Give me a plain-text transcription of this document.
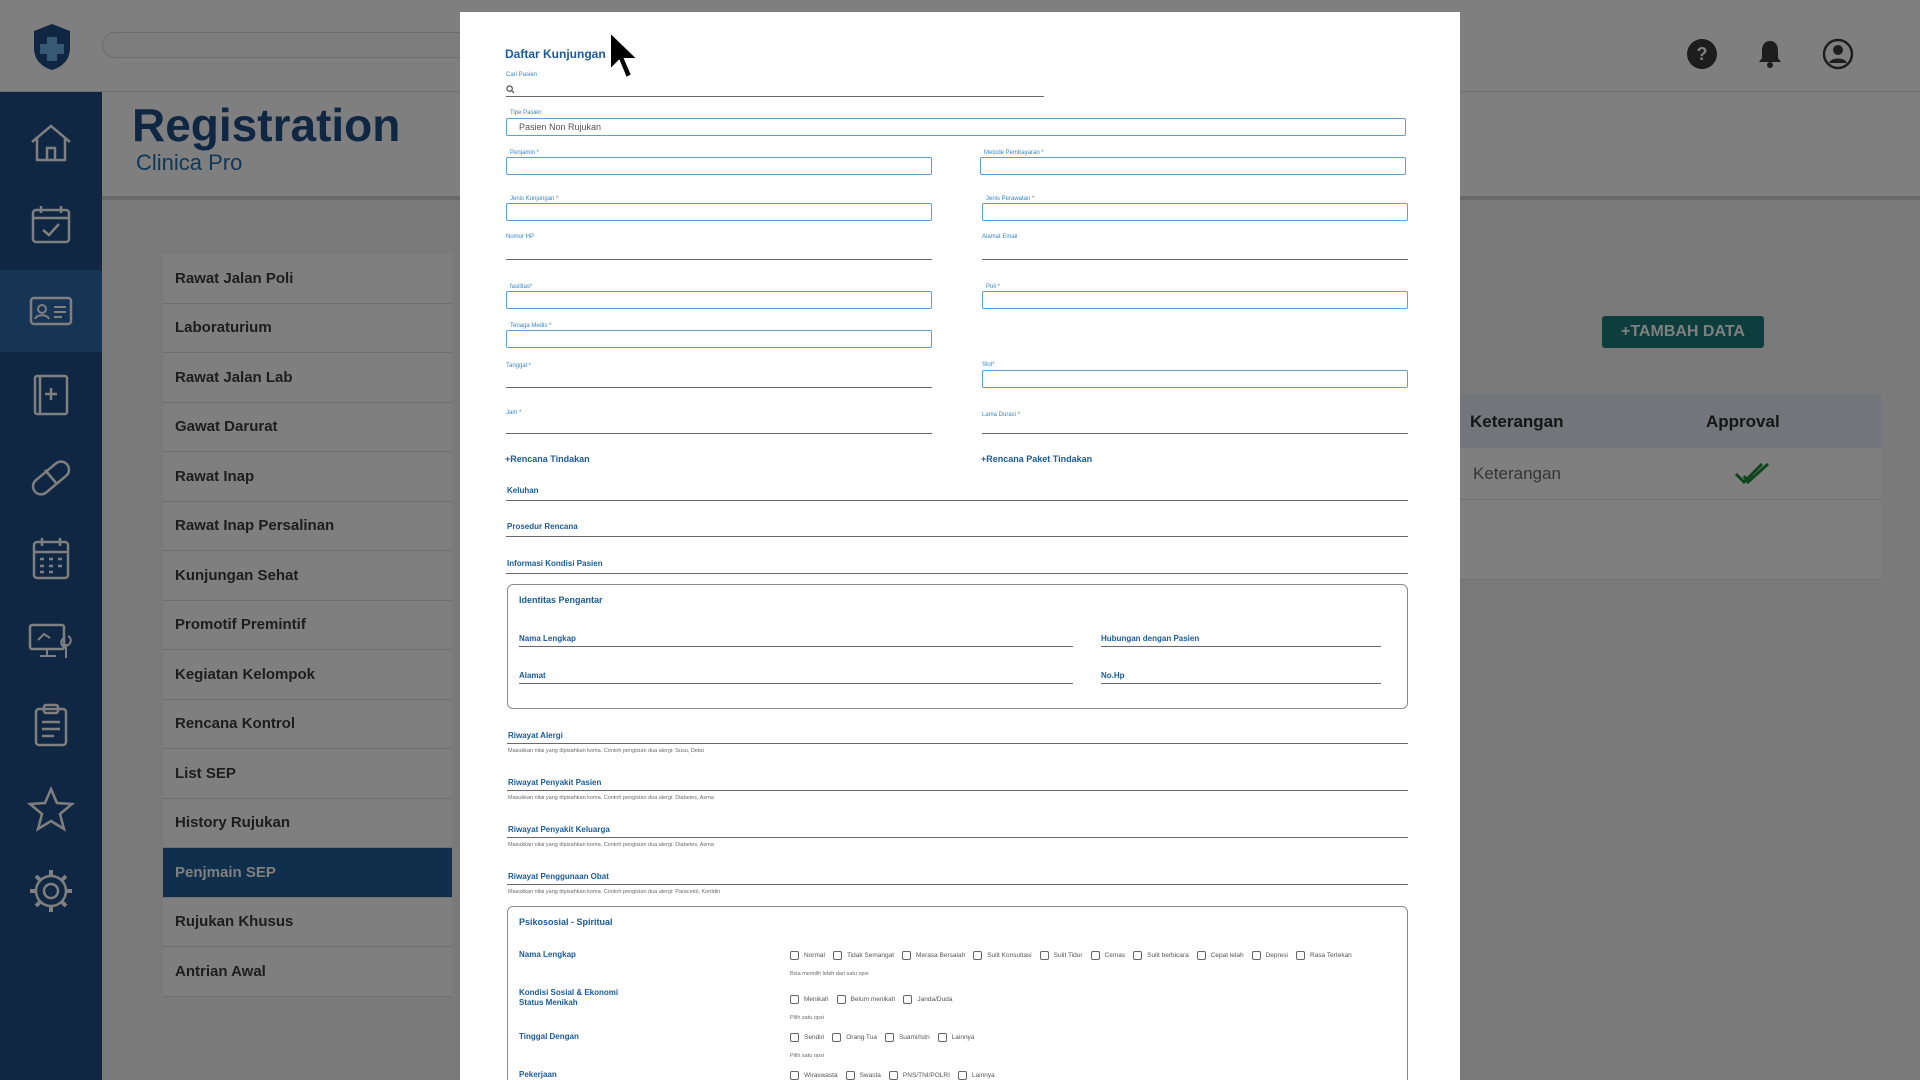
Daftar Kunjungan
Cari Pasien
Tipe Pasien
Pasien Non Rujukan
Penjamin *	Metode Pembayaran *
Jenis Kunjungan *	Jenis Perawatan *
Nomor HP	Alamat Email
fasilitas*	Poli *
Tenaga Medis *
Tanggal *	Slot*
Jam *	Lama Durasi *
+Rencana Tindakan	+Rencana Paket Tindakan
Keluhan
Prosedur Rencana
Informasi Kondisi Pasien
Identitas Pengantar
Nama Lengkap	Hubungan dengan Pasien
Alamat	No.Hp
Riwayat Alergi
Masukkan nilai yang dipisahkan koma. Contoh pengisian dua alergi: Susu, Debu
Riwayat Penyakit Pasien
Masukkan nilai yang dipisahkan koma. Contoh pengisian dua alergi: Diabetes, Asma
Riwayat Penyakit Keluarga
Masukkan nilai yang dipisahkan koma. Contoh pengisian dua alergi: Diabetes, Asma
Riwayat Penggunaan Obat
Masukkan nilai yang dipisahkan koma. Contoh pengisian dua alergi: Paracetol, Kortidin
Psikososial - Spiritual
Nama Lengkap	Normal	Tidak Semangat	Merasa Bersalah	Sulit Konsultasi	Sulit Tidur	Cemas	Sulit berbicara	Cepat lelah	Depresi	Rasa Tertekan
Bisa memilih lebih dari satu opsi
Kondisi Sosial & Ekonomi
Status Menikah	Menikah	Belum menikah	Janda/Duda
Pilih satu opsi
Tinggal Dengan	Sendiri	Orang Tua	Suami/Istri	Lainnya
Pilih satu opsi
Pekerjaan	Wiraswasta	Swasta	PNS/TNI/POLRI	Lainnya
